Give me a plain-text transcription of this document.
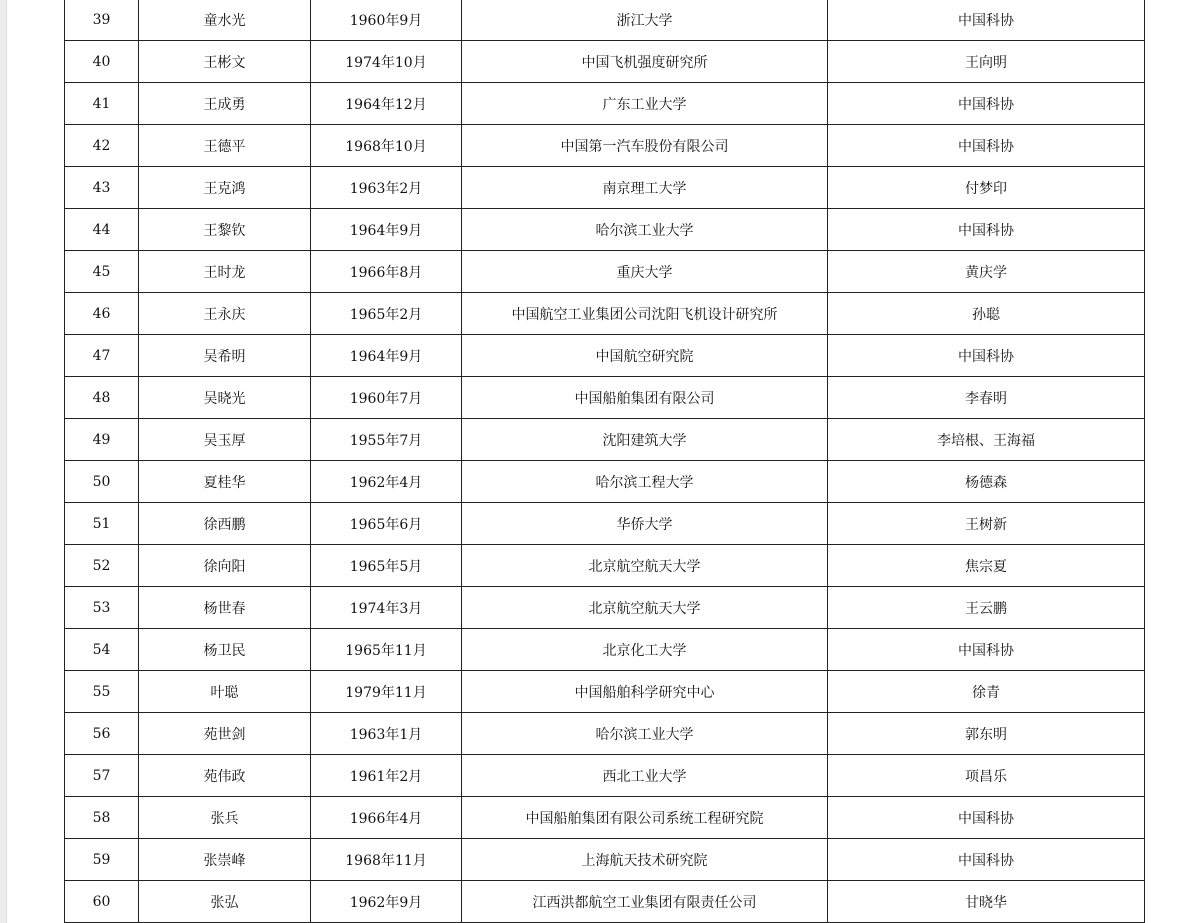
39	童水光	1960年9月	浙江大学	中国科协
40	王彬文	1974年10月	中国飞机强度研究所	王向明
41	王成勇	1964年12月	广东工业大学	中国科协
42	王德平	1968年10月	中国第一汽车股份有限公司	中国科协
43	王克鸿	1963年2月	南京理工大学	付梦印
44	王黎钦	1964年9月	哈尔滨工业大学	中国科协
45	王时龙	1966年8月	重庆大学	黄庆学
46	王永庆	1965年2月	中国航空工业集团公司沈阳飞机设计研究所	孙聪
47	吴希明	1964年9月	中国航空研究院	中国科协
48	吴晓光	1960年7月	中国船舶集团有限公司	李春明
49	吴玉厚	1955年7月	沈阳建筑大学	李培根、王海福
50	夏桂华	1962年4月	哈尔滨工程大学	杨德森
51	徐西鹏	1965年6月	华侨大学	王树新
52	徐向阳	1965年5月	北京航空航天大学	焦宗夏
53	杨世春	1974年3月	北京航空航天大学	王云鹏
54	杨卫民	1965年11月	北京化工大学	中国科协
55	叶聪	1979年11月	中国船舶科学研究中心	徐青
56	苑世剑	1963年1月	哈尔滨工业大学	郭东明
57	苑伟政	1961年2月	西北工业大学	项昌乐
58	张兵	1966年4月	中国船舶集团有限公司系统工程研究院	中国科协
59	张崇峰	1968年11月	上海航天技术研究院	中国科协
60	张弘	1962年9月	江西洪都航空工业集团有限责任公司	甘晓华
